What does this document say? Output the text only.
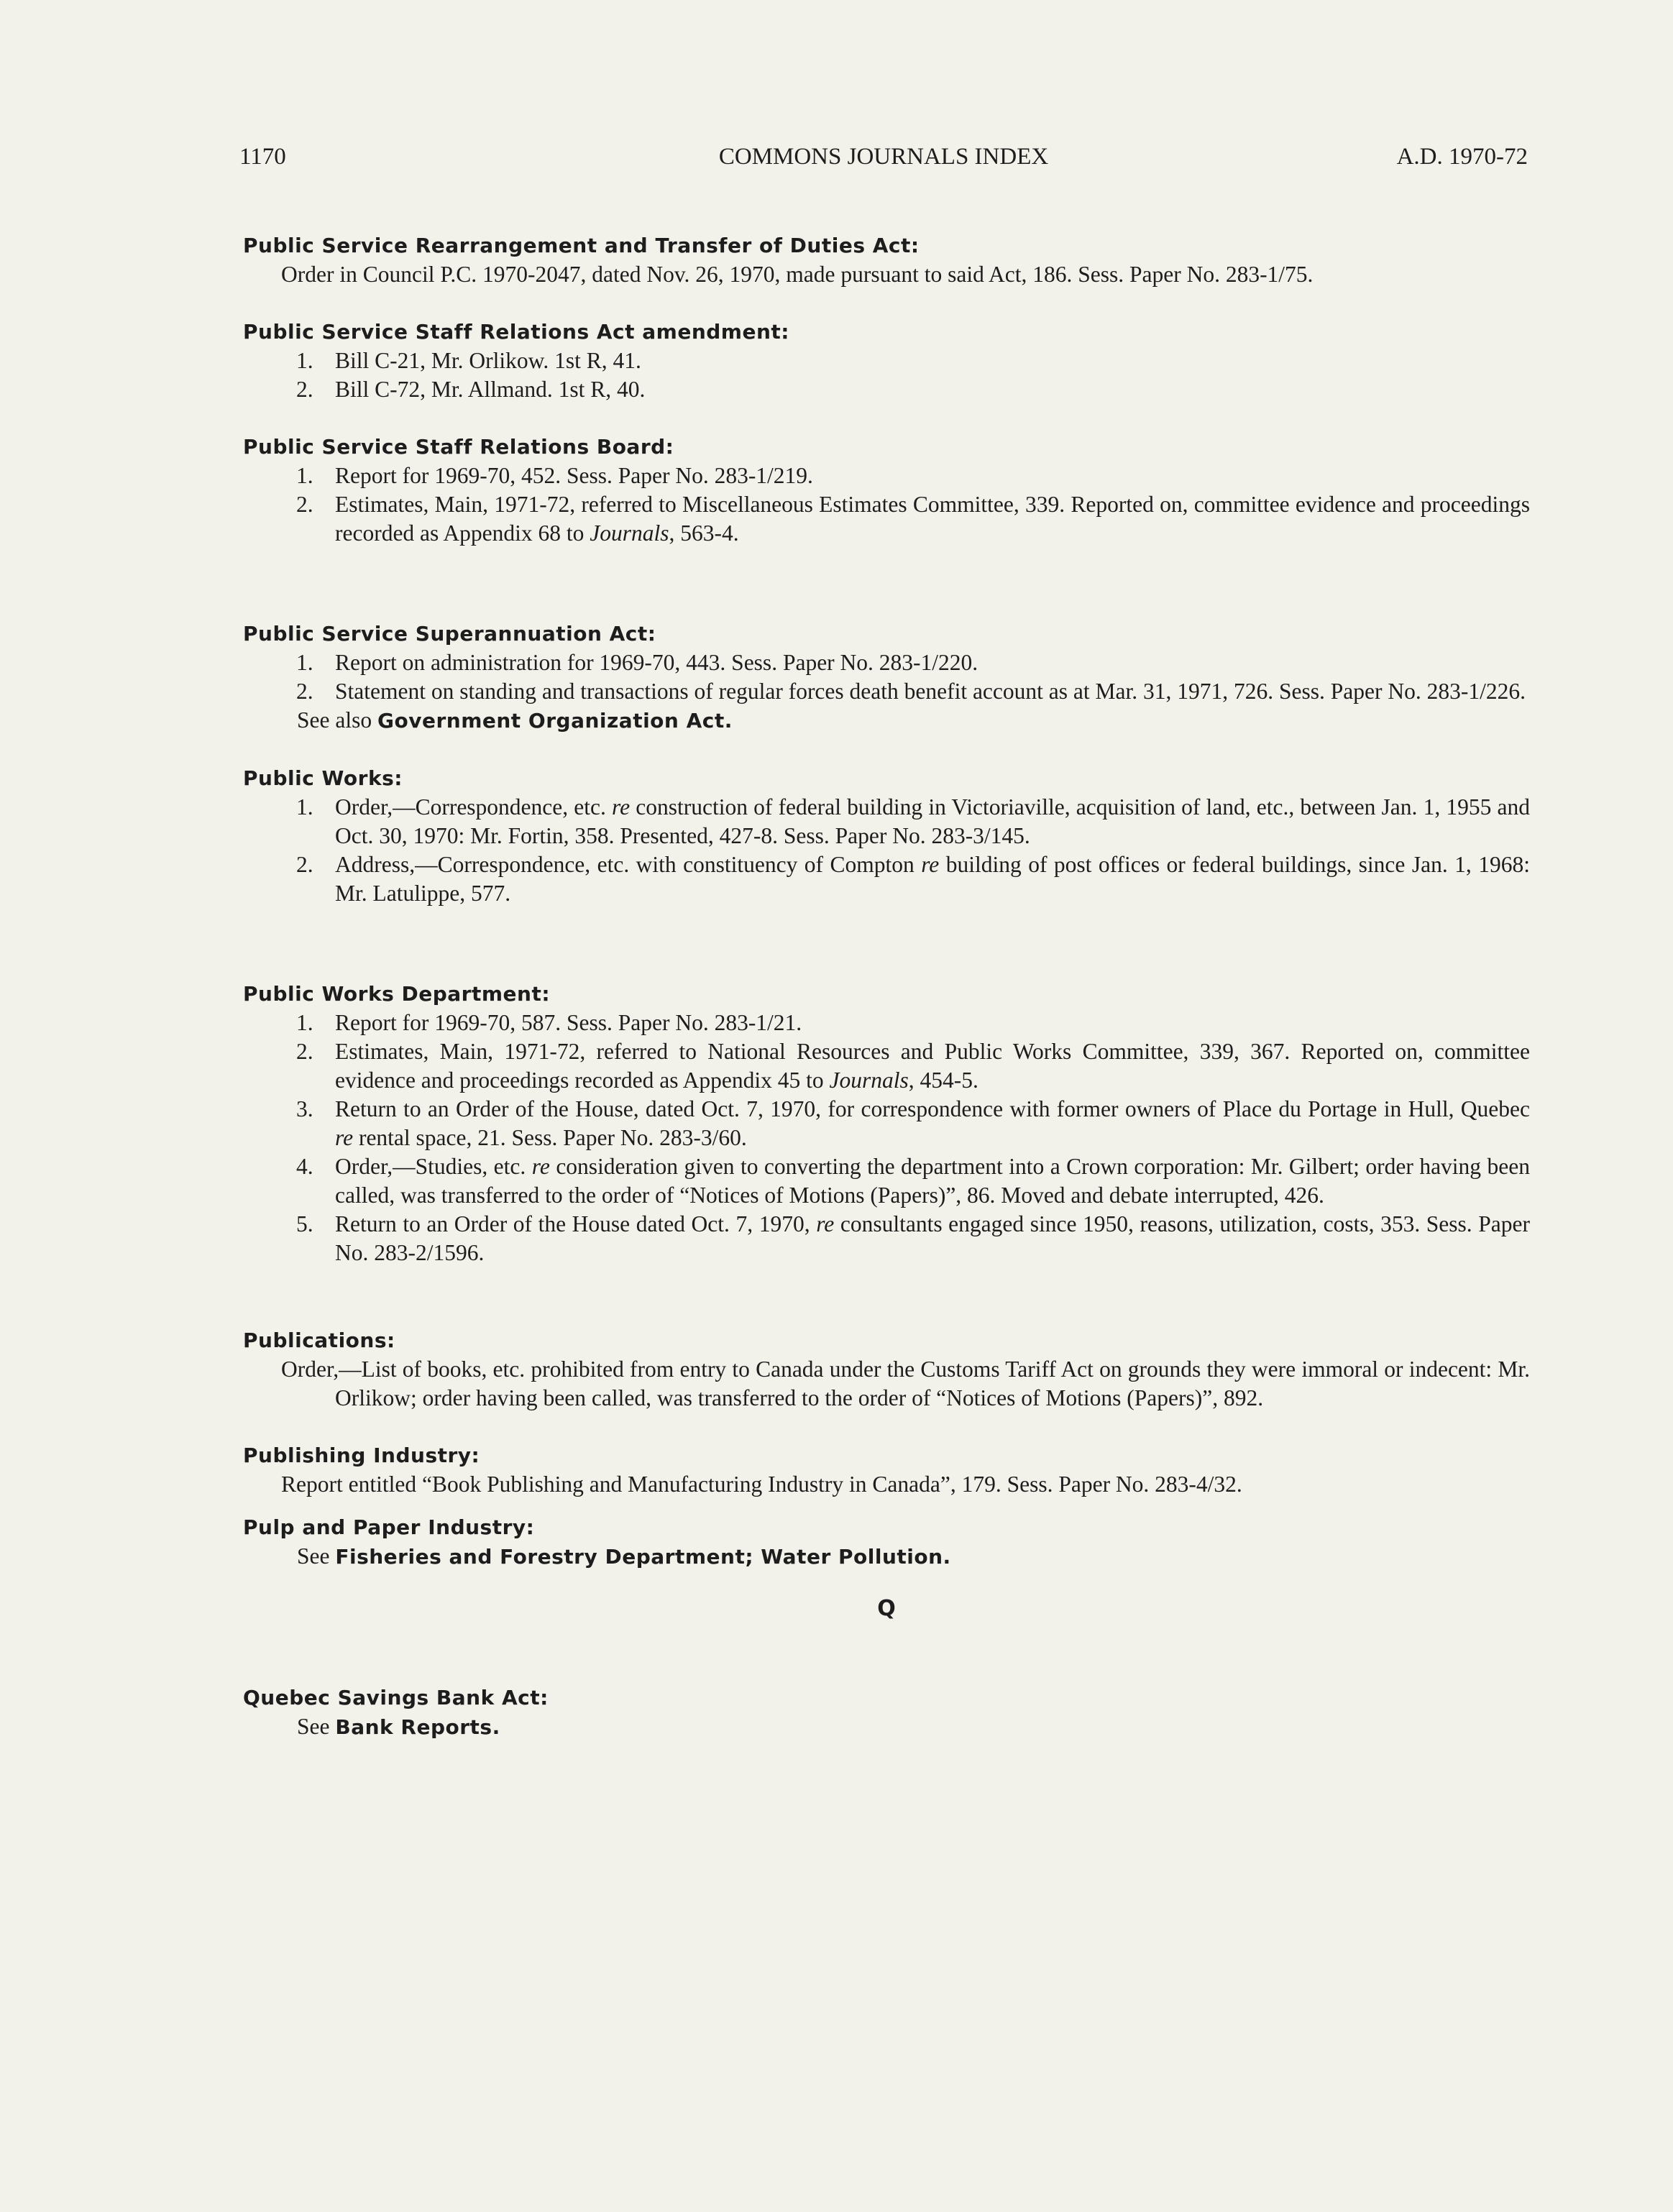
1170	COMMONS JOURNALS INDEX	A.D. 1970-72
Public Service Rearrangement and Transfer of Duties Act:
Order in Council P.C. 1970-2047, dated Nov. 26, 1970, made pursuant to said Act, 186. Sess. Paper No. 283-1/75.
Public Service Staff Relations Act amendment:
1. Bill C-21, Mr. Orlikow. 1st R, 41.
2. Bill C-72, Mr. Allmand. 1st R, 40.
Public Service Staff Relations Board:
1. Report for 1969-70, 452. Sess. Paper No. 283-1/219.
2. Estimates, Main, 1971-72, referred to Miscellaneous Estimates Committee, 339. Reported on, committee evidence and proceedings recorded as Appendix 68 to Journals, 563-4.
Public Service Superannuation Act:
1. Report on administration for 1969-70, 443. Sess. Paper No. 283-1/220.
2. Statement on standing and transactions of regular forces death benefit account as at Mar. 31, 1971, 726. Sess. Paper No. 283-1/226.
See also Government Organization Act.
Public Works:
1. Order,—Correspondence, etc. re construction of federal building in Victoriaville, acquisition of land, etc., between Jan. 1, 1955 and Oct. 30, 1970: Mr. Fortin, 358. Presented, 427-8. Sess. Paper No. 283-3/145.
2. Address,—Correspondence, etc. with constituency of Compton re building of post offices or federal buildings, since Jan. 1, 1968: Mr. Latulippe, 577.
Public Works Department:
1. Report for 1969-70, 587. Sess. Paper No. 283-1/21.
2. Estimates, Main, 1971-72, referred to National Resources and Public Works Committee, 339, 367. Reported on, committee evidence and proceedings recorded as Appendix 45 to Journals, 454-5.
3. Return to an Order of the House, dated Oct. 7, 1970, for correspondence with former owners of Place du Portage in Hull, Quebec re rental space, 21. Sess. Paper No. 283-3/60.
4. Order,—Studies, etc. re consideration given to converting the department into a Crown corporation: Mr. Gilbert; order having been called, was transferred to the order of “Notices of Motions (Papers)”, 86. Moved and debate interrupted, 426.
5. Return to an Order of the House dated Oct. 7, 1970, re consultants engaged since 1950, reasons, utilization, costs, 353. Sess. Paper No. 283-2/1596.
Publications:
Order,—List of books, etc. prohibited from entry to Canada under the Customs Tariff Act on grounds they were immoral or indecent: Mr. Orlikow; order having been called, was transferred to the order of “Notices of Motions (Papers)”, 892.
Publishing Industry:
Report entitled “Book Publishing and Manufacturing Industry in Canada”, 179. Sess. Paper No. 283-4/32.
Pulp and Paper Industry:
See Fisheries and Forestry Department; Water Pollution.
Q
Quebec Savings Bank Act:
See Bank Reports.
